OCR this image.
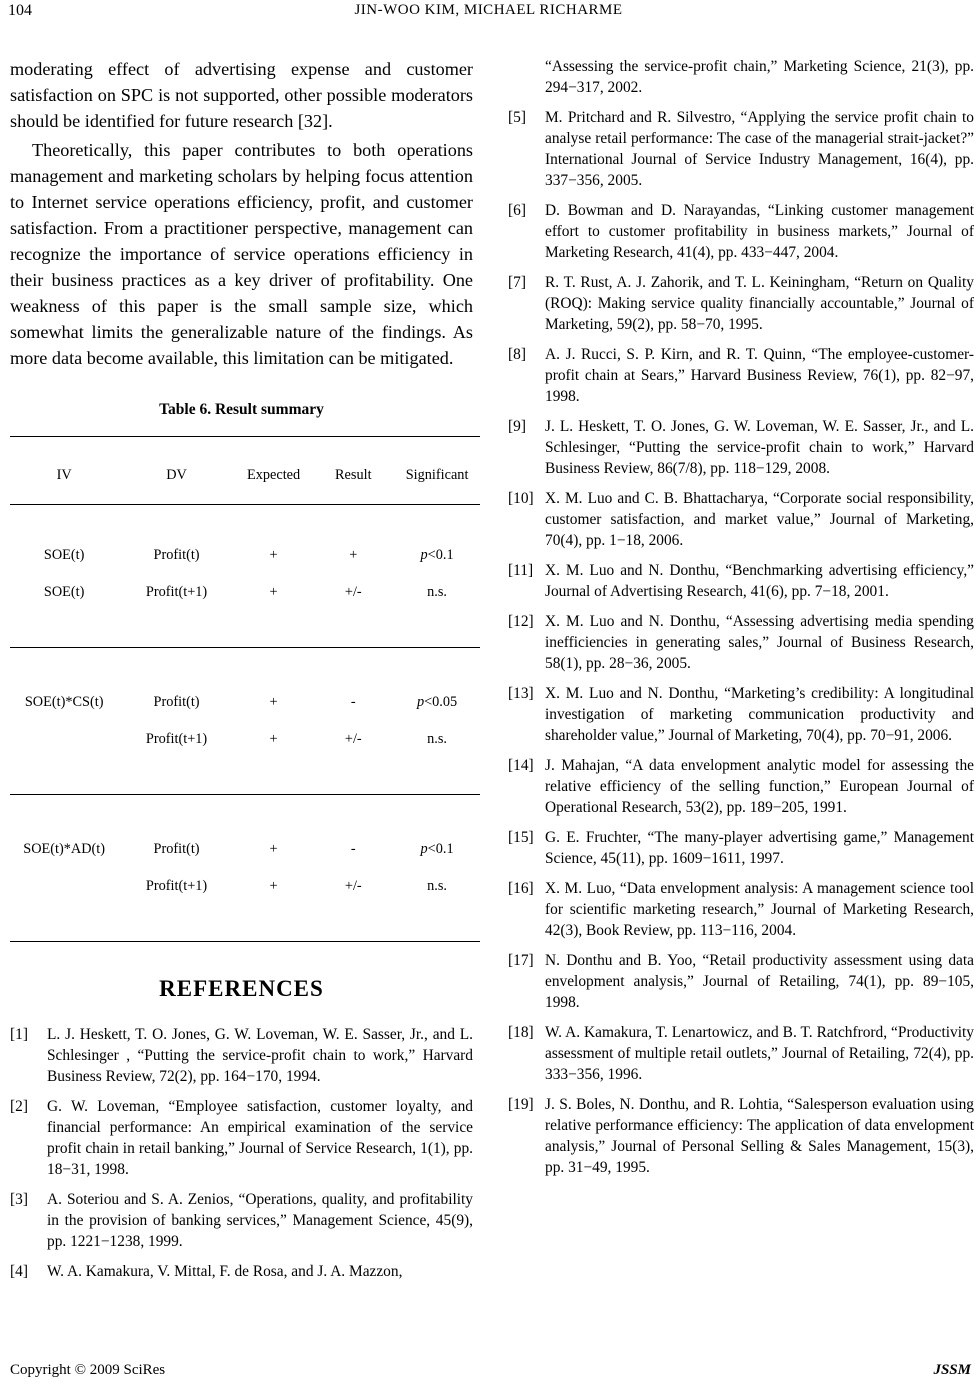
104	JIN-WOO KIM, MICHAEL RICHARME

moderating effect of advertising expense and customer satisfaction on SPC is not supported, other possible moderators should be identified for future research [32].

Theoretically, this paper contributes to both operations management and marketing scholars by helping focus attention to Internet service operations efficiency, profit, and customer satisfaction. From a practitioner perspective, management can recognize the importance of service operations efficiency in their business practices as a key driver of profitability. One weakness of this paper is the small sample size, which somewhat limits the generalizable nature of the findings. As more data become available, this limitation can be mitigated.

Table 6. Result summary

IV	DV	Expected	Result	Significant

SOE(t)	Profit(t)	+	+	p<0.1

SOE(t)	Profit(t+1)	+	+/-	n.s.

SOE(t)*CS(t)	Profit(t)	+	-	p<0.05

	Profit(t+1)	+	+/-	n.s.

SOE(t)*AD(t)	Profit(t)	+	-	p<0.1

	Profit(t+1)	+	+/-	n.s.

REFERENCES
[1]	L. J. Heskett, T. O. Jones, G. W. Loveman, W. E. Sasser, Jr., and L. Schlesinger , “Putting the service-profit chain to work,” Harvard Business Review, 72(2), pp. 164−170, 1994.
[2]	G. W. Loveman, “Employee satisfaction, customer loyalty, and financial performance: An empirical examination of the service profit chain in retail banking,” Journal of Service Research, 1(1), pp. 18−31, 1998.
[3]	A. Soteriou and S. A. Zenios, “Operations, quality, and profitability in the provision of banking services,” Management Science, 45(9), pp. 1221−1238, 1999.
[4]	W. A. Kamakura, V. Mittal, F. de Rosa, and J. A. Mazzon,
“Assessing the service-profit chain,” Marketing Science, 21(3), pp. 294−317, 2002.
[5]	M. Pritchard and R. Silvestro, “Applying the service profit chain to analyse retail performance: The case of the managerial strait-jacket?” International Journal of Service Industry Management, 16(4), pp. 337−356, 2005.
[6]	D. Bowman and D. Narayandas, “Linking customer management effort to customer profitability in business markets,” Journal of Marketing Research, 41(4), pp. 433−447, 2004.
[7]	R. T. Rust, A. J. Zahorik, and T. L. Keiningham, “Return on Quality (ROQ): Making service quality financially accountable,” Journal of Marketing, 59(2), pp. 58−70, 1995.
[8]	A. J. Rucci, S. P. Kirn, and R. T. Quinn, “The employee-customer-profit chain at Sears,” Harvard Business Review, 76(1), pp. 82−97, 1998.
[9]	J. L. Heskett, T. O. Jones, G. W. Loveman, W. E. Sasser, Jr., and L. Schlesinger, “Putting the service-profit chain to work,” Harvard Business Review, 86(7/8), pp. 118−129, 2008.
[10] X. M. Luo and C. B. Bhattacharya, “Corporate social responsibility, customer satisfaction, and market value,” Journal of Marketing, 70(4), pp. 1−18, 2006.
[11] X. M. Luo and N. Donthu, “Benchmarking advertising efficiency,” Journal of Advertising Research, 41(6), pp. 7−18, 2001.
[12] X. M. Luo and N. Donthu, “Assessing advertising media spending inefficiencies in generating sales,” Journal of Business Research, 58(1), pp. 28−36, 2005.
[13] X. M. Luo and N. Donthu, “Marketing’s credibility: A longitudinal investigation of marketing communication productivity and shareholder value,” Journal of Marketing, 70(4), pp. 70−91, 2006.
[14] J. Mahajan, “A data envelopment analytic model for assessing the relative efficiency of the selling function,” European Journal of Operational Research, 53(2), pp. 189−205, 1991.
[15] G. E. Fruchter, “The many-player advertising game,” Management Science, 45(11), pp. 1609−1611, 1997.
[16] X. M. Luo, “Data envelopment analysis: A management science tool for scientific marketing research,” Journal of Marketing Research, 42(3), Book Review, pp. 113−116, 2004.
[17] N. Donthu and B. Yoo, “Retail productivity assessment using data envelopment analysis,” Journal of Retailing, 74(1), pp. 89−105, 1998.
[18] W. A. Kamakura, T. Lenartowicz, and B. T. Ratchfrord, “Productivity assessment of multiple retail outlets,” Journal of Retailing, 72(4), pp. 333−356, 1996.
[19] J. S. Boles, N. Donthu, and R. Lohtia, “Salesperson evaluation using relative performance efficiency: The application of data envelopment analysis,” Journal of Personal Selling & Sales Management, 15(3), pp. 31−49, 1995.
Copyright © 2009 SciRes	JSSM
